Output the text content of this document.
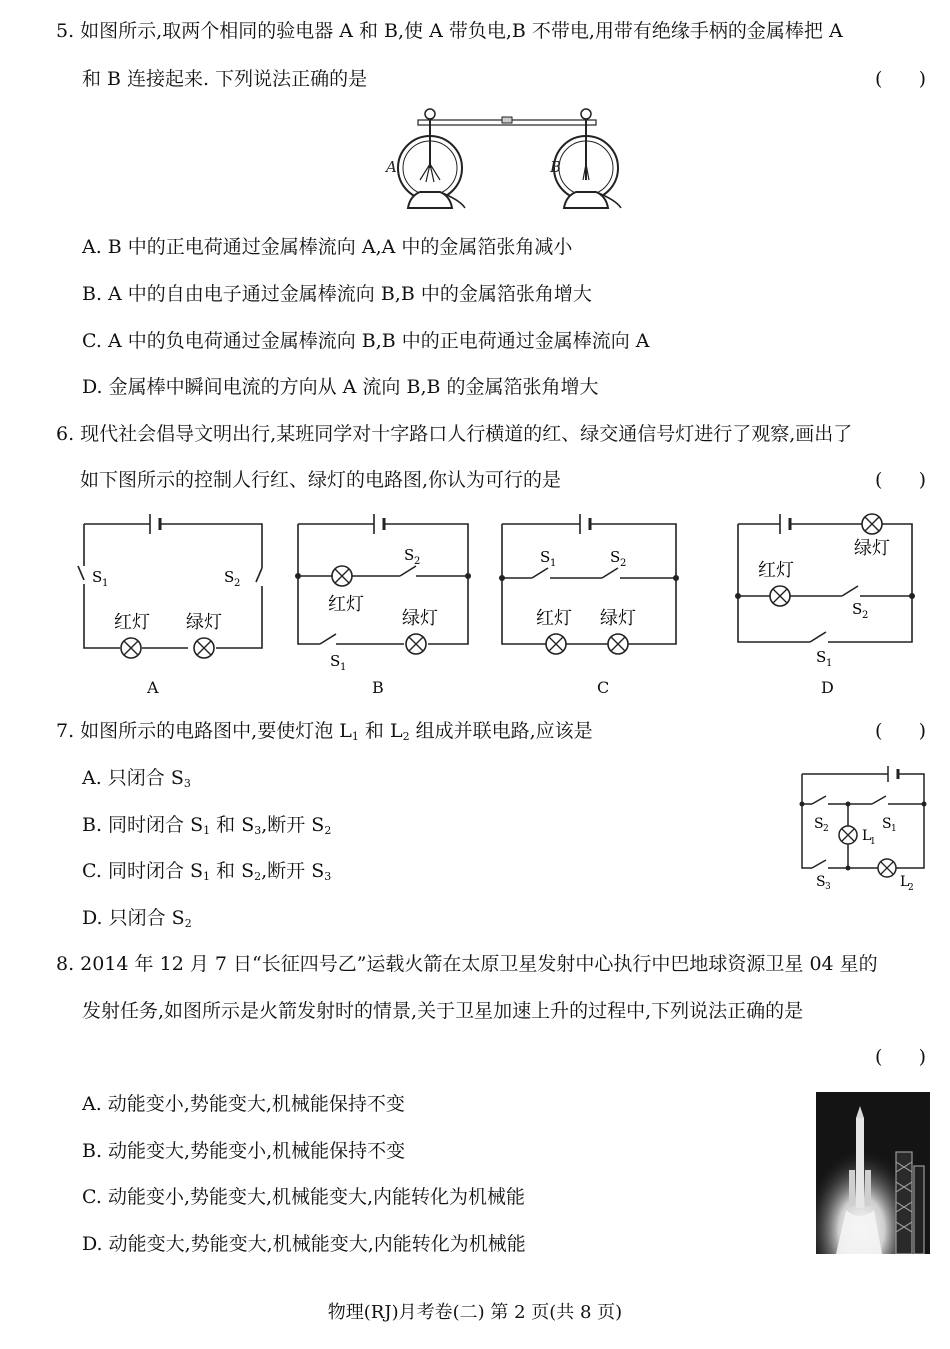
5. 如图所示,取两个相同的验电器 A 和 B,使 A 带负电,B 不带电,用带有绝缘手柄的金属棒把 A
和 B 连接起来. 下列说法正确的是	(      )
A	B
A. B 中的正电荷通过金属棒流向 A,A 中的金属箔张角减小
B. A 中的自由电子通过金属棒流向 B,B 中的金属箔张角增大
C. A 中的负电荷通过金属棒流向 B,B 中的正电荷通过金属棒流向 A
D. 金属棒中瞬间电流的方向从 A 流向 B,B 的金属箔张角增大
6. 现代社会倡导文明出行,某班同学对十字路口人行横道的红、绿交通信号灯进行了观察,画出了
如下图所示的控制人行红、绿灯的电路图,你认为可行的是	(      )
红灯 绿灯
S 1	S 2
红灯
绿灯
S 2
S 1
红灯 绿灯
S 1	S 2	红灯
绿灯
S 2
S 1
A	B	C	D
7. 如图所示的电路图中,要使灯泡 $L_1$ 和 $L_2$ 组成并联电路,应该是	(      )
A. 只闭合 $S_3$
B. 同时闭合 $S_1$ 和 $S_3$,断开 $S_2$
C. 同时闭合 $S_1$ 和 $S_2$,断开 $S_3$
D. 只闭合 $S_2$
S 2	S 1
L
1
S 3	L
2
8. 2014 年 12 月 7 日“长征四号乙”运载火箭在太原卫星发射中心执行中巴地球资源卫星 04 星的
发射任务,如图所示是火箭发射时的情景,关于卫星加速上升的过程中,下列说法正确的是
(      )
A. 动能变小,势能变大,机械能保持不变
B. 动能变大,势能变小,机械能保持不变
C. 动能变小,势能变大,机械能变大,内能转化为机械能
D. 动能变大,势能变大,机械能变大,内能转化为机械能
物理(RJ)月考卷(二) 第 2 页(共 8 页)
